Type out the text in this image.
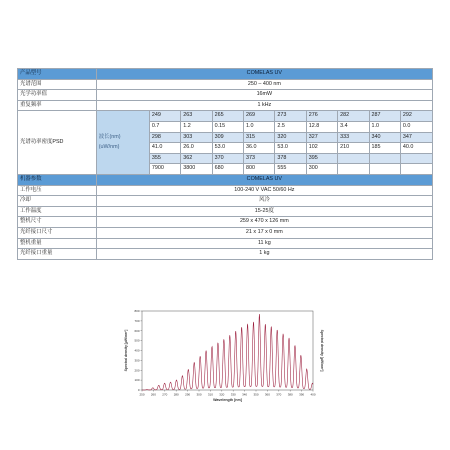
产品型号	COMELAS UV									
光谱范围	250 – 400 nm									
光学功率值	16mW									
重复频率	1 kHz									
光谱功率密度PSD	波长(nm)
(uW/nm)	249	263	265	269	273	276	282	287	292
		0.7	1.2	0.15	1.0	2.5	12.8	3.4	1.0	0.0
		298	303	309	315	320	327	333	340	347
		41.0	26.0	53.0	36.0	53.0	102	210	185	40.0
		355	362	370	373	378	395			
		7900	3800	680	800	555	300			
机器参数	COMELAS UV									
工作电压	100-240 V VAC 50/60 Hz									
冷却	风冷									
工作温度	15-25度									
整机尺寸	259 x 470 x 126 mm									
光纤接口尺寸	21 x 17 x 0 mm									
整机重量	11 kg									
光纤接口重量	1 kg									
250 260 270 280 290 300 310 320 330 340 350 360 370 380 390 400
0
100
200
300
400
500
600
700
800
Wavelength [nm]
Spectral density [µW/nm²]	Spectral density [µW/nm²]
